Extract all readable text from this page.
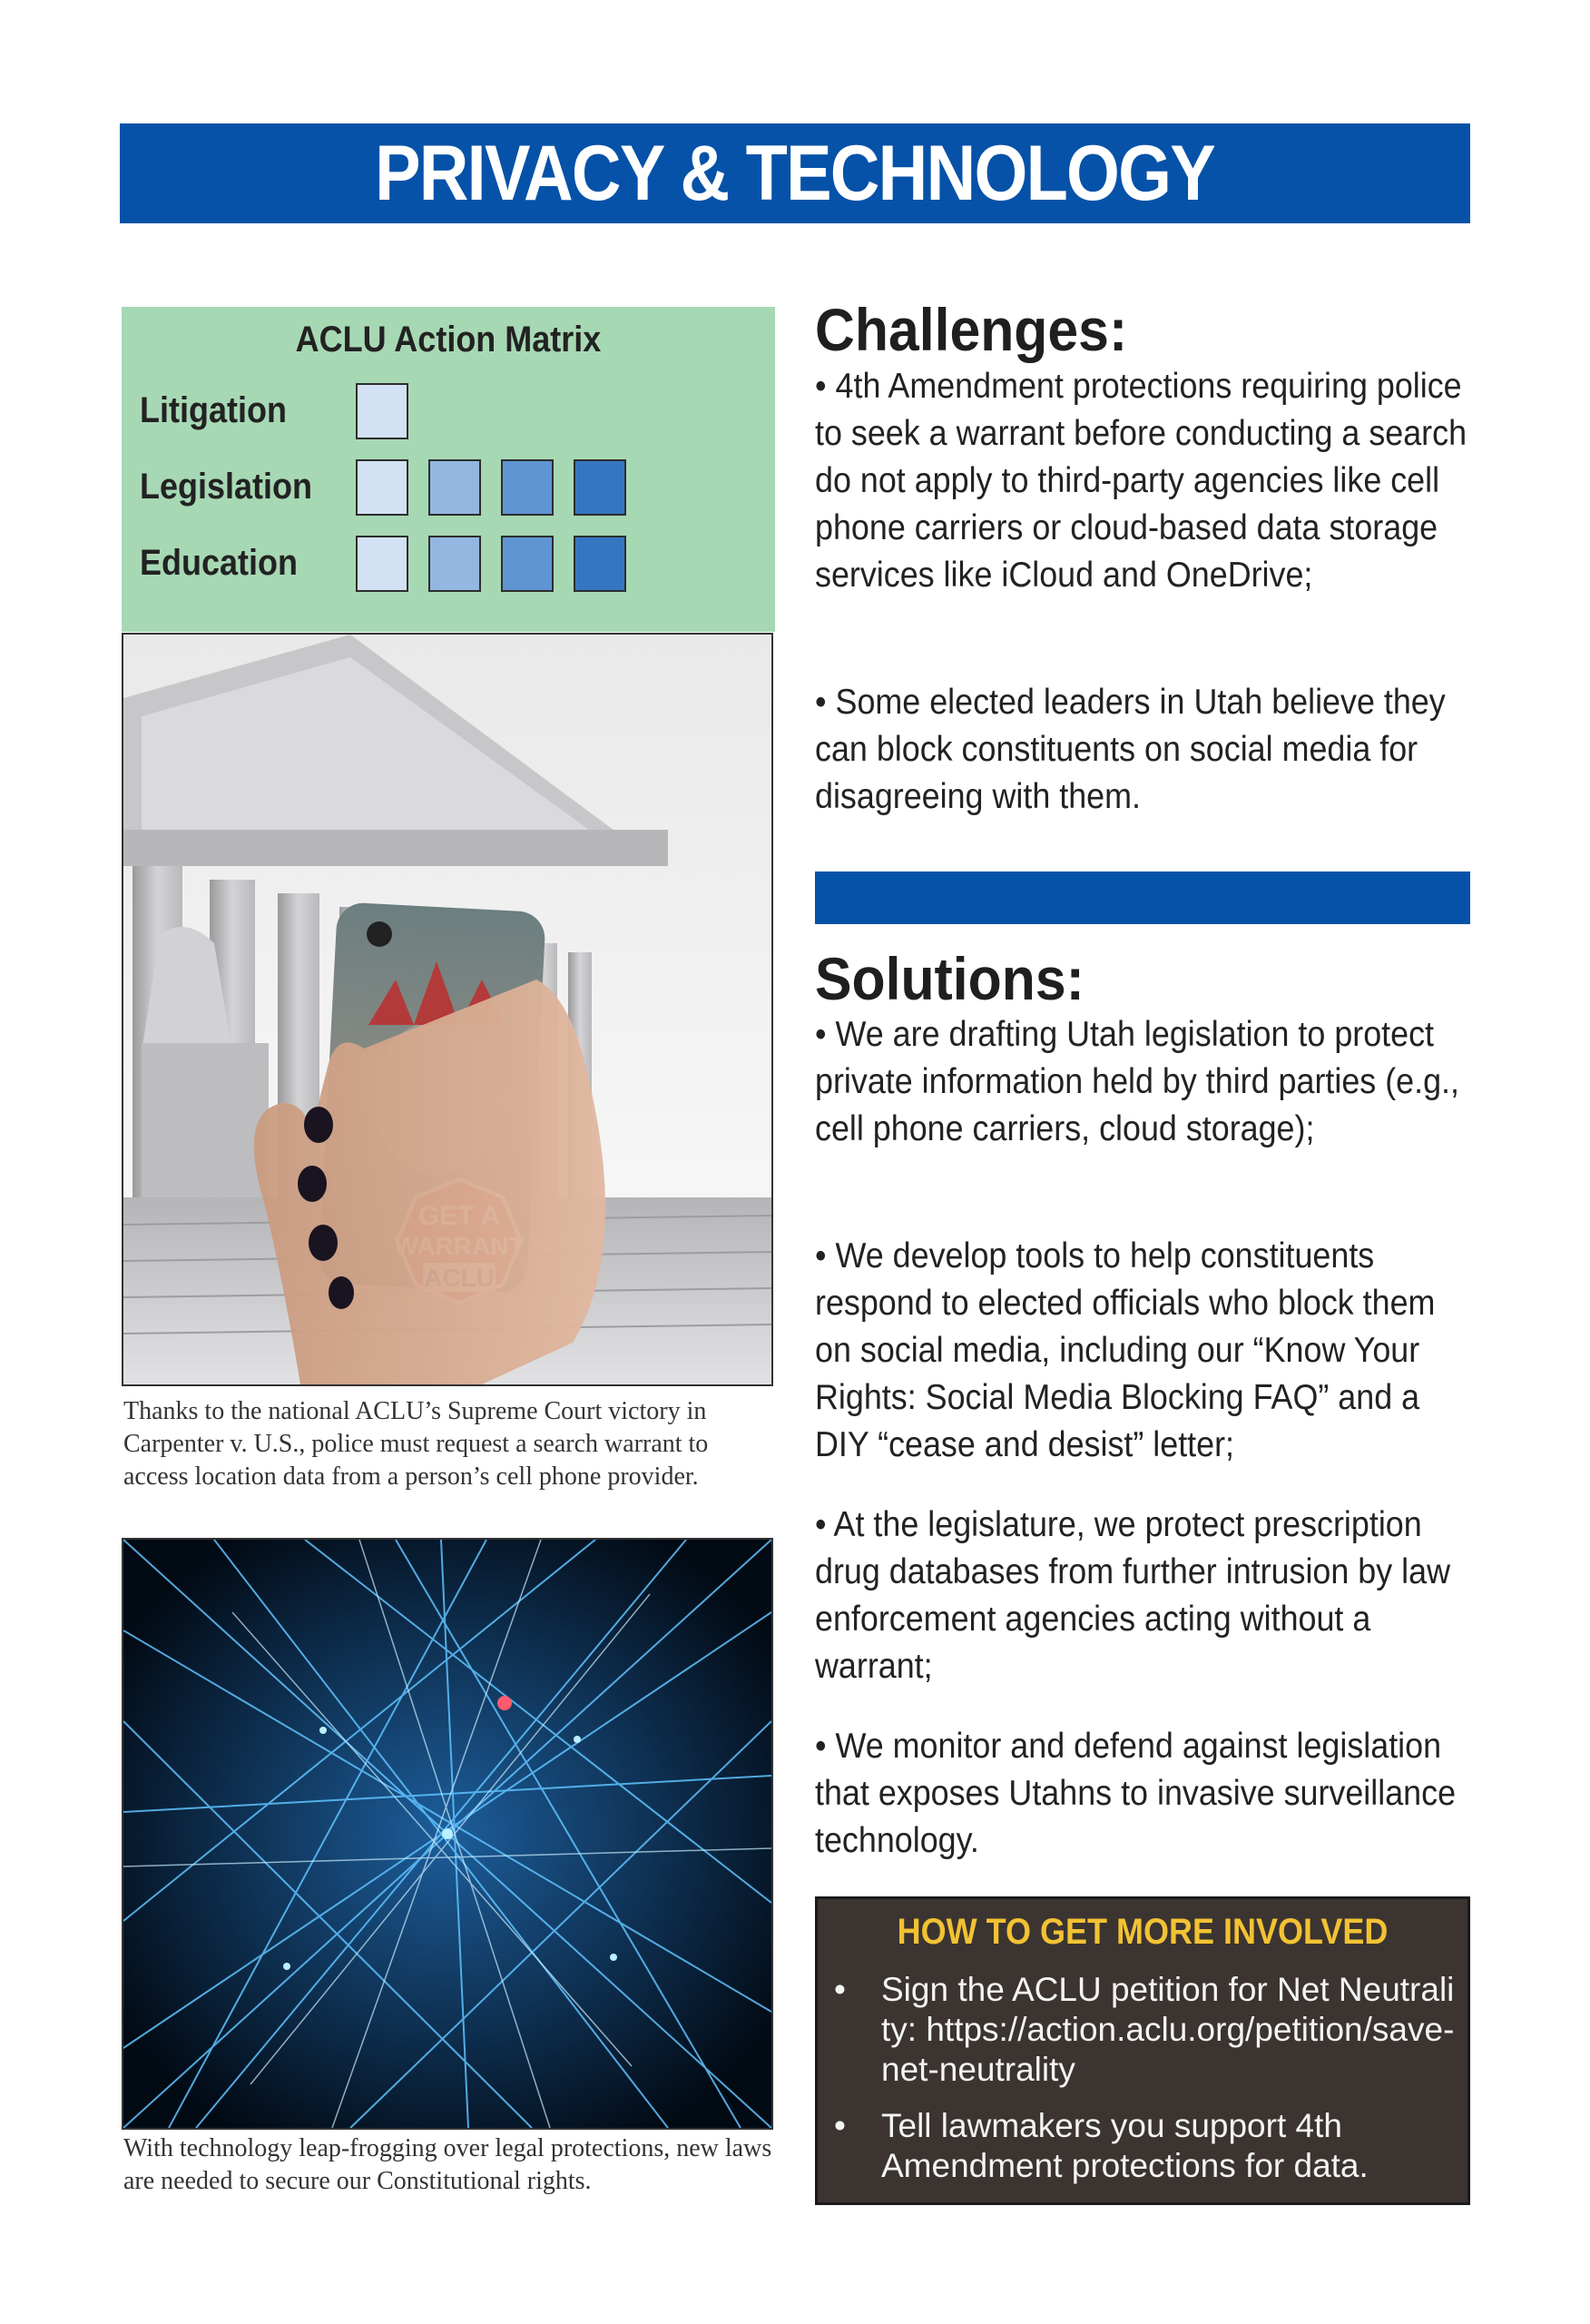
PRIVACY & TECHNOLOGY
ACLU Action Matrix
Litigation
Legislation
Education
Thanks to the national ACLU’s Supreme Court victory in Carpenter v. U.S., police must request a search warrant to access location data from a person’s cell phone provider.
With technology leap-frogging over legal protections, new laws are needed to secure our Constitutional rights.
Challenges:
• 4th Amendment protections requiring police to seek a warrant before conducting a search do not apply to third-party agencies like cell phone carriers or cloud-based data storage services like iCloud and OneDrive;
• Some elected leaders in Utah believe they can block constituents on social media for disagreeing with them.
Solutions:
• We are drafting Utah legislation to protect private information held by third parties (e.g., cell phone carriers, cloud storage);
• We develop tools to help constituents respond to elected officials who block them on social media, including our “Know Your Rights: Social Media Blocking FAQ” and a DIY “cease and desist” letter;
• At the legislature, we protect prescription drug databases from further intrusion by law enforcement agencies acting without a warrant;
• We monitor and defend against legislation that exposes Utahns to invasive surveillance technology.
HOW TO GET MORE INVOLVED
• Sign the ACLU petition for Net Neutrality: https://action.aclu.org/petition/save-net-neutrality
• Tell lawmakers you support 4th Amendment protections for data.
